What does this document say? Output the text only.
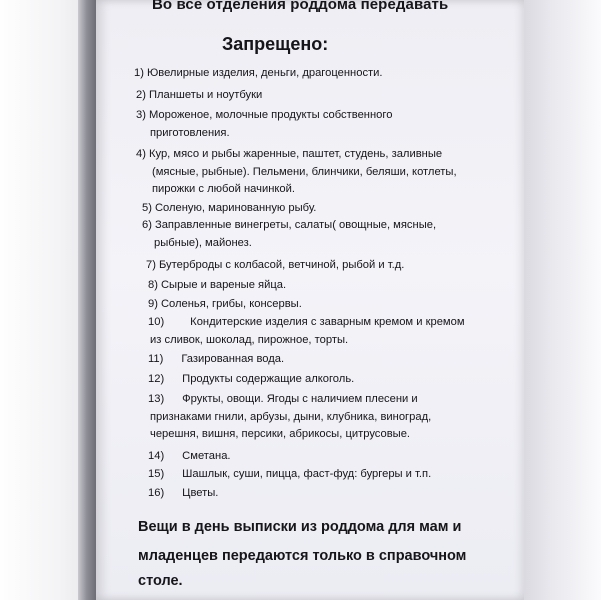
Во все отделения роддома передавать
Запрещено:
1) Ювелирные изделия, деньги, драгоценности.
2) Планшеты и ноутбуки
3) Мороженое, молочные продукты собственного
приготовления.
4) Кур, мясо и рыбы жаренные, паштет, студень, заливные
(мясные, рыбные). Пельмени, блинчики, беляши, котлеты,
пирожки с любой начинкой.
5) Соленую, маринованную рыбу.
6) Заправленные винегреты, салаты( овощные, мясные,
рыбные), майонез.
7) Бутерброды с колбасой, ветчиной, рыбой и т.д.
8) Сырые и вареные яйца.
9) Соленья, грибы, консервы.
10) Кондитерские изделия с заварным кремом и кремом
из сливок, шоколад, пирожное, торты.
11) Газированная вода.
12) Продукты содержащие алкоголь.
13) Фрукты, овощи. Ягоды с наличием плесени и
признаками гнили, арбузы, дыни, клубника, виноград,
черешня, вишня, персики, абрикосы, цитрусовые.
14) Сметана.
15) Шашлык, суши, пицца, фаст-фуд: бургеры и т.п.
16) Цветы.
Вещи в день выписки из роддома для мам и
младенцев передаются только в справочном
столе.
